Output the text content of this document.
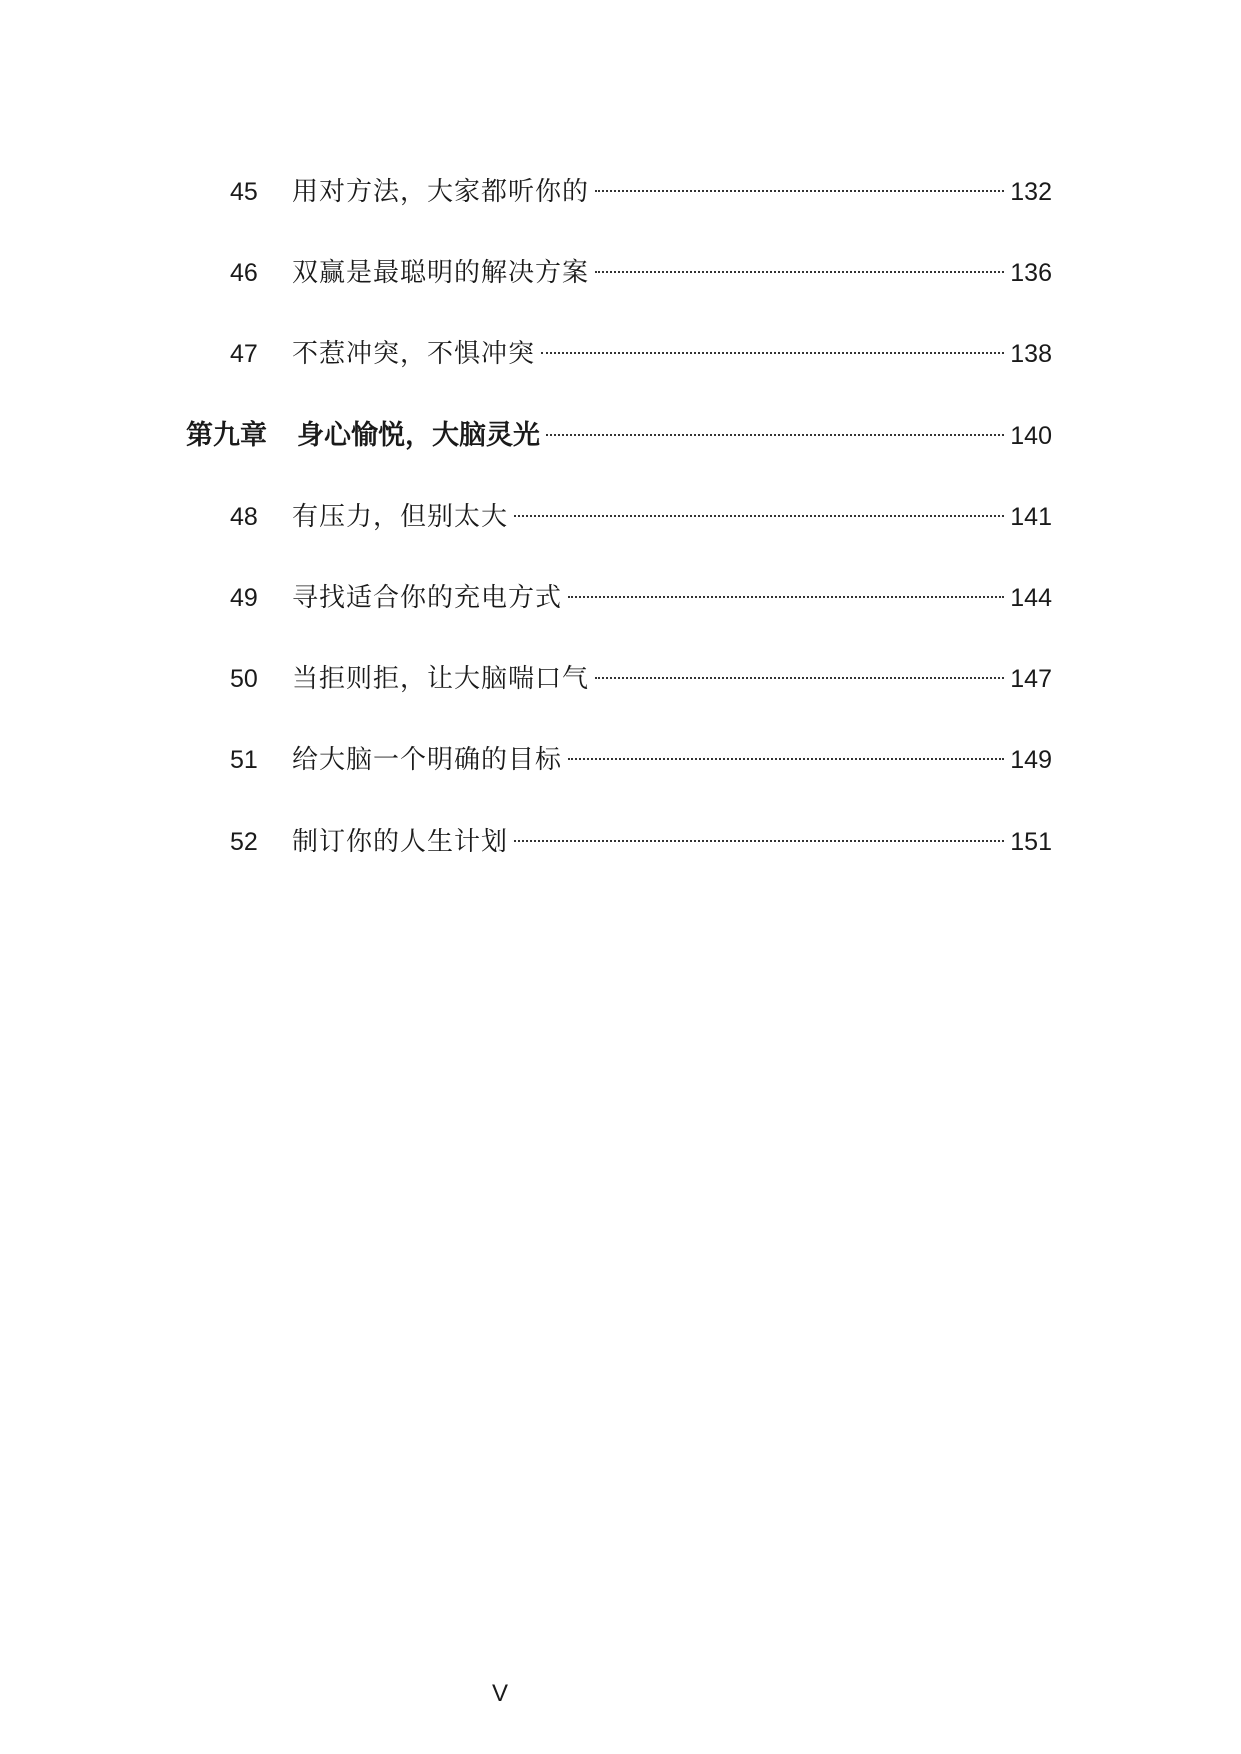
45	用对方法，大家都听你的	132
46	双赢是最聪明的解决方案	136
47	不惹冲突，不惧冲突	138
第九章 身心愉悦，大脑灵光	140
48	有压力，但别太大	141
49	寻找适合你的充电方式	144
50	当拒则拒，让大脑喘口气	147
51	给大脑一个明确的目标	149
52	制订你的人生计划	151
V
